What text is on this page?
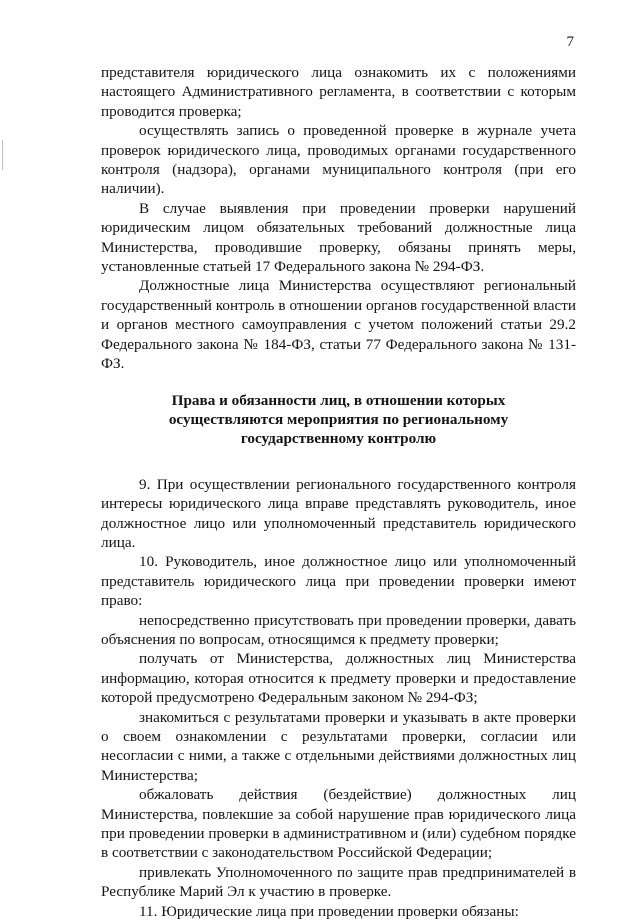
7

представителя юридического лица ознакомить их с положениями настоящего Административного регламента, в соответствии с которым проводится проверка;

осуществлять запись о проведенной проверке в журнале учета проверок юридического лица, проводимых органами государственного контроля (надзора), органами муниципального контроля (при его наличии).

В случае выявления при проведении проверки нарушений юридическим лицом обязательных требований должностные лица Министерства, проводившие проверку, обязаны принять меры, установленные статьей 17 Федерального закона № 294-ФЗ.

Должностные лица Министерства осуществляют региональный государственный контроль в отношении органов государственной власти и органов местного самоуправления с учетом положений статьи 29.2 Федерального закона № 184-ФЗ, статьи 77 Федерального закона № 131-ФЗ.

Права и обязанности лиц, в отношении которых
осуществляются мероприятия по региональному
государственному контролю

9. При осуществлении регионального государственного контроля интересы юридического лица вправе представлять руководитель, иное должностное лицо или уполномоченный представитель юридического лица.

10. Руководитель, иное должностное лицо или уполномоченный представитель юридического лица при проведении проверки имеют право:

непосредственно присутствовать при проведении проверки, давать объяснения по вопросам, относящимся к предмету проверки;

получать от Министерства, должностных лиц Министерства информацию, которая относится к предмету проверки и предоставление которой предусмотрено Федеральным законом № 294-ФЗ;

знакомиться с результатами проверки и указывать в акте проверки о своем ознакомлении с результатами проверки, согласии или несогласии с ними, а также с отдельными действиями должностных лиц Министерства;

обжаловать действия (бездействие) должностных лиц Министерства, повлекшие за собой нарушение прав юридического лица при проведении проверки в административном и (или) судебном порядке в соответствии с законодательством Российской Федерации;

привлекать Уполномоченного по защите прав предпринимателей в Республике Марий Эл к участию в проверке.

11. Юридические лица при проведении проверки обязаны:
